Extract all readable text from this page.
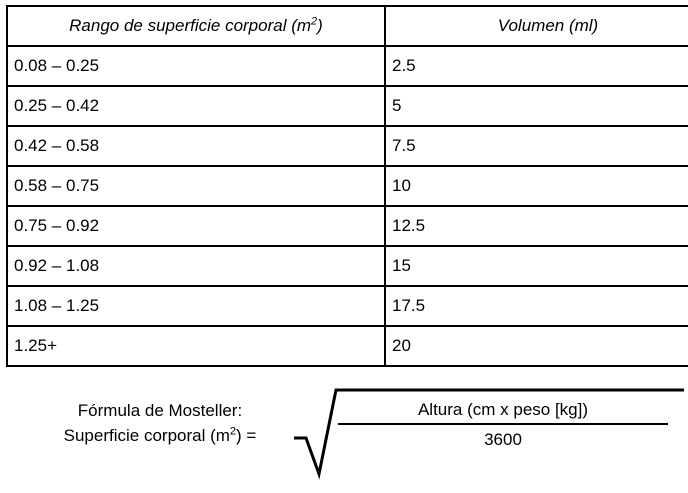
Rango de superficie corporal $(m^2)$	Volumen (ml)
0.08 – 0.25	2.5
0.25 – 0.42	5
0.42 – 0.58	7.5
0.58 – 0.75	10
0.75 – 0.92	12.5
0.92 – 1.08	15
1.08 – 1.25	17.5
1.25+	20
Fórmula de Mosteller:
Superficie corporal $(m^2)$ =
Altura (cm x peso [kg])
3600
